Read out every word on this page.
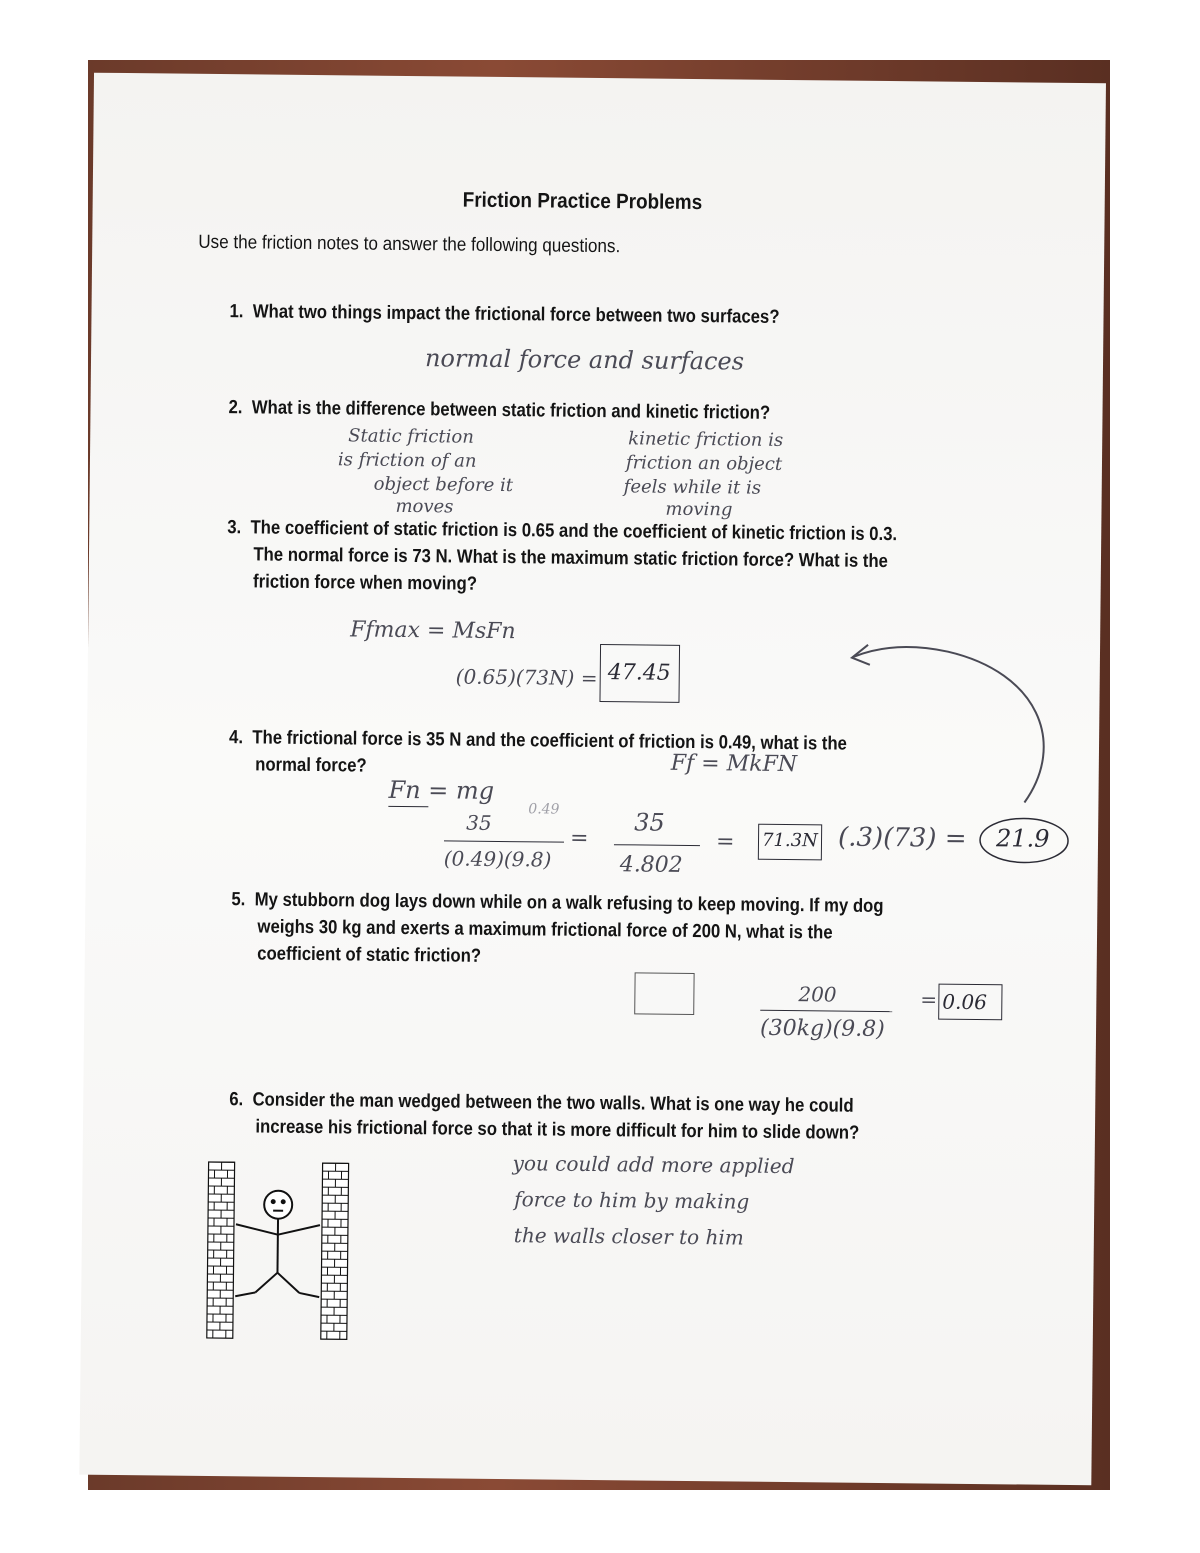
Friction Practice Problems
Use the friction notes to answer the following questions.
1. What two things impact the frictional force between two surfaces?
normal force and surfaces
2. What is the difference between static friction and kinetic friction?
Static friction
is friction of an
object before it
moves
kinetic friction is
friction an object
feels while it is
moving
3. The coefficient of static friction is 0.65 and the coefficient of kinetic friction is 0.3.
The normal force is 73 N. What is the maximum static friction force? What is the
friction force when moving?
Ffmax = MsFn
(0.65)(73N) = 47.45
4. The frictional force is 35 N and the coefficient of friction is 0.49, what is the
normal force?	Ff = MkFN
Fn = mg
0.49
35
(0.49)(9.8)
=
35
4.802
= 71.3N (.3)(73) = 21.9
5. My stubborn dog lays down while on a walk refusing to keep moving. If my dog
weighs 30 kg and exerts a maximum frictional force of 200 N, what is the
coefficient of static friction?
200
(30kg)(9.8)
= 0.06
6. Consider the man wedged between the two walls. What is one way he could
increase his frictional force so that it is more difficult for him to slide down?
you could add more applied
force to him by making
the walls closer to him
